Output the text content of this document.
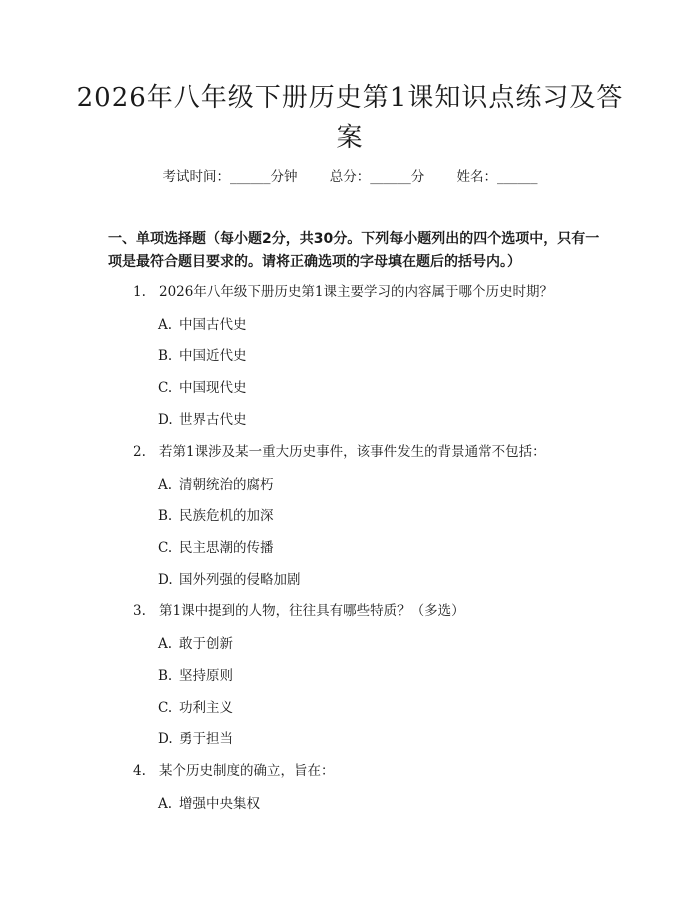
2026年八年级下册历史第1课知识点练习及答案
考试时间：______分钟 总分：______分 姓名：______
一、单项选择题（每小题2分，共30分。下列每小题列出的四个选项中，只有一项是最符合题目要求的。请将正确选项的字母填在题后的括号内。）
1. 2026年八年级下册历史第1课主要学习的内容属于哪个历史时期？
A. 中国古代史
B. 中国近代史
C. 中国现代史
D. 世界古代史
2. 若第1课涉及某一重大历史事件，该事件发生的背景通常不包括：
A. 清朝统治的腐朽
B. 民族危机的加深
C. 民主思潮的传播
D. 国外列强的侵略加剧
3. 第1课中提到的人物，往往具有哪些特质？（多选）
A. 敢于创新
B. 坚持原则
C. 功利主义
D. 勇于担当
4. 某个历史制度的确立，旨在：
A. 增强中央集权
